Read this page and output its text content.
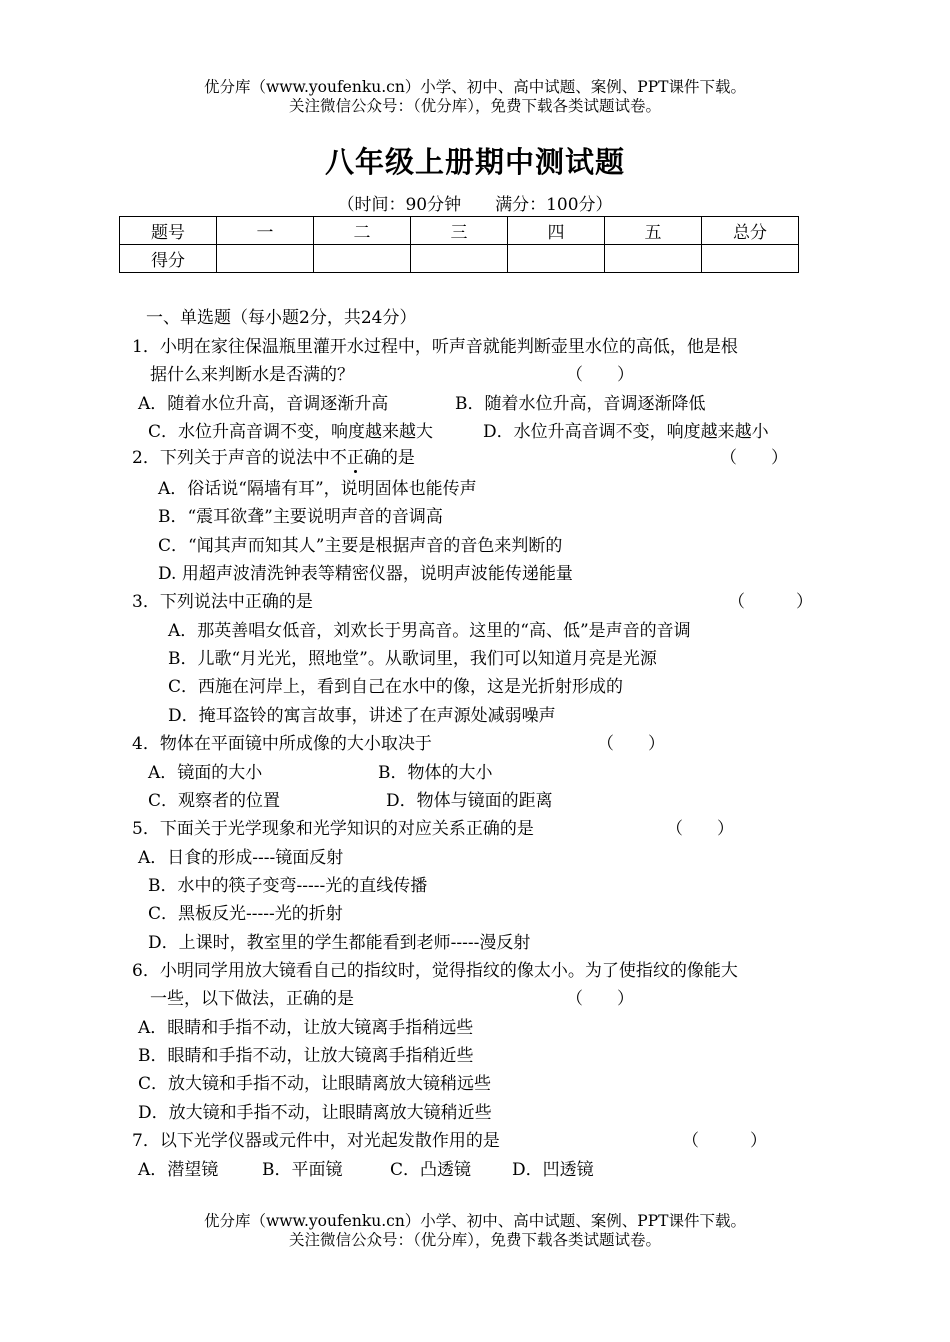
优分库（www.youfenku.cn）小学、初中、高中试题、案例、PPT课件下载。
关注微信公众号：（优分库），免费下载各类试题试卷。
八年级上册期中测试题
（时间：90分钟　　满分：100分）
题号	一	二	三	四	五	总分
得分						
一、单选题（每小题2分，共24分）
1．小明在家往保温瓶里灌开水过程中，听声音就能判断壶里水位的高低，他是根
据什么来判断水是否满的？	（　　）
A．随着水位升高，音调逐渐升高	B．随着水位升高，音调逐渐降低
C．水位升高音调不变，响度越来越大	D．水位升高音调不变，响度越来越小
2．下列关于声音的说法中不正确的是	（　　）
A．俗话说“隔墙有耳”，说明固体也能传声
B．“震耳欲聋”主要说明声音的音调高
C．“闻其声而知其人”主要是根据声音的音色来判断的
D. 用超声波清洗钟表等精密仪器，说明声波能传递能量
3．下列说法中正确的是	（　　　）
A．那英善唱女低音，刘欢长于男高音。这里的“高、低”是声音的音调
B．儿歌“月光光，照地堂”。从歌词里，我们可以知道月亮是光源
C．西施在河岸上，看到自己在水中的像，这是光折射形成的
D．掩耳盗铃的寓言故事，讲述了在声源处减弱噪声
4．物体在平面镜中所成像的大小取决于	（　　）
A．镜面的大小	B．物体的大小
C．观察者的位置	D．物体与镜面的距离
5．下面关于光学现象和光学知识的对应关系正确的是	（　　）
A．日食的形成----镜面反射
B．水中的筷子变弯-----光的直线传播
C．黑板反光-----光的折射
D．上课时，教室里的学生都能看到老师-----漫反射
6．小明同学用放大镜看自己的指纹时，觉得指纹的像太小。为了使指纹的像能大
一些，以下做法，正确的是	（　　）
A．眼睛和手指不动，让放大镜离手指稍远些
B．眼睛和手指不动，让放大镜离手指稍近些
C．放大镜和手指不动，让眼睛离放大镜稍远些
D．放大镜和手指不动，让眼睛离放大镜稍近些
7．以下光学仪器或元件中，对光起发散作用的是	（　　　）
A．潜望镜	B．平面镜	C．凸透镜 D．凹透镜
优分库（www.youfenku.cn）小学、初中、高中试题、案例、PPT课件下载。
关注微信公众号：（优分库），免费下载各类试题试卷。
